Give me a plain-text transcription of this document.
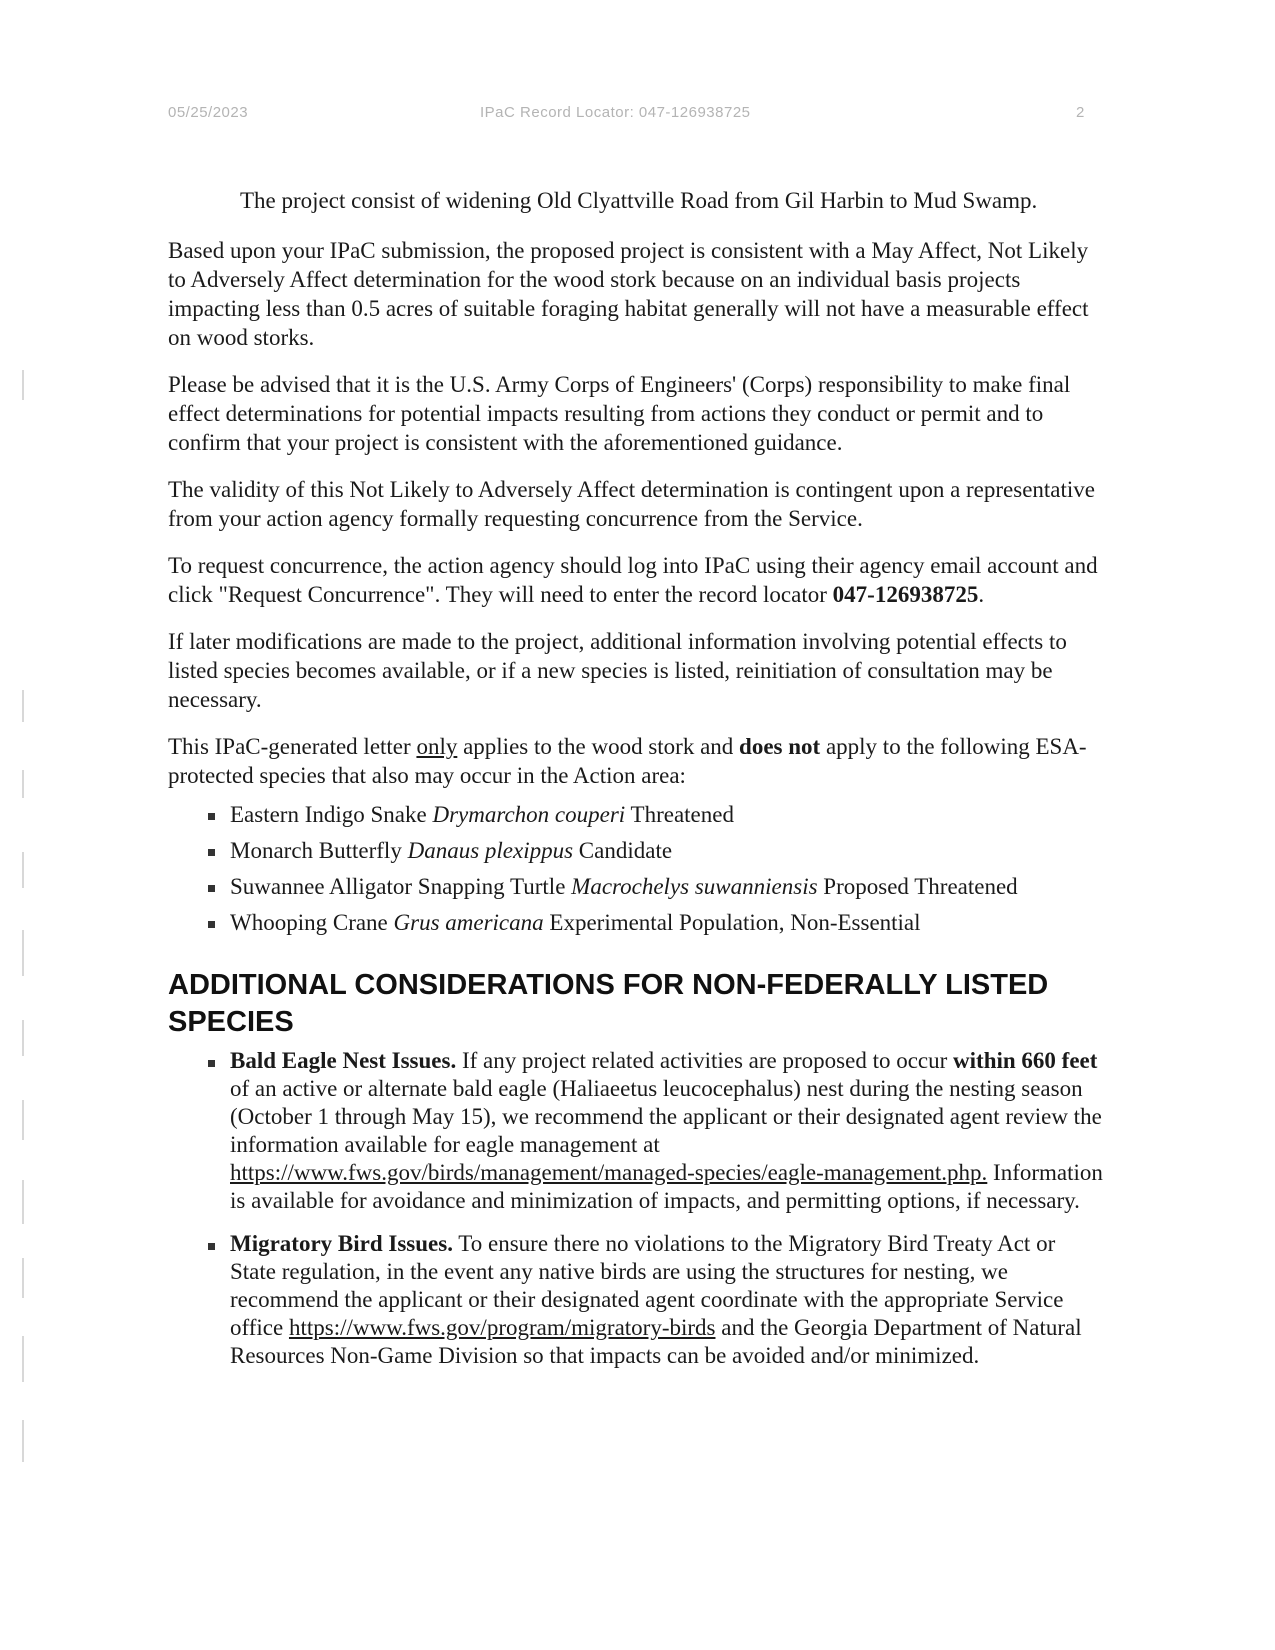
05/25/2023	IPaC Record Locator: 047-126938725	2

The project consist of widening Old Clyattville Road from Gil Harbin to Mud Swamp.

Based upon your IPaC submission, the proposed project is consistent with a May Affect, Not Likely to Adversely Affect determination for the wood stork because on an individual basis projects impacting less than 0.5 acres of suitable foraging habitat generally will not have a measurable effect on wood storks.

Please be advised that it is the U.S. Army Corps of Engineers' (Corps) responsibility to make final effect determinations for potential impacts resulting from actions they conduct or permit and to confirm that your project is consistent with the aforementioned guidance.

The validity of this Not Likely to Adversely Affect determination is contingent upon a representative from your action agency formally requesting concurrence from the Service.

To request concurrence, the action agency should log into IPaC using their agency email account and click "Request Concurrence". They will need to enter the record locator 047-126938725.

If later modifications are made to the project, additional information involving potential effects to listed species becomes available, or if a new species is listed, reinitiation of consultation may be necessary.

This IPaC-generated letter only applies to the wood stork and does not apply to the following ESA-protected species that also may occur in the Action area:

Eastern Indigo Snake Drymarchon couperi Threatened
Monarch Butterfly Danaus plexippus Candidate
Suwannee Alligator Snapping Turtle Macrochelys suwanniensis Proposed Threatened
Whooping Crane Grus americana Experimental Population, Non-Essential
ADDITIONAL CONSIDERATIONS FOR NON-FEDERALLY LISTED SPECIES
Bald Eagle Nest Issues. If any project related activities are proposed to occur within 660 feet of an active or alternate bald eagle (Haliaeetus leucocephalus) nest during the nesting season (October 1 through May 15), we recommend the applicant or their designated agent review the information available for eagle management at https://www.fws.gov/birds/management/managed-species/eagle-management.php. Information is available for avoidance and minimization of impacts, and permitting options, if necessary.
Migratory Bird Issues. To ensure there no violations to the Migratory Bird Treaty Act or State regulation, in the event any native birds are using the structures for nesting, we recommend the applicant or their designated agent coordinate with the appropriate Service office https://www.fws.gov/program/migratory-birds and the Georgia Department of Natural Resources Non-Game Division so that impacts can be avoided and/or minimized.
